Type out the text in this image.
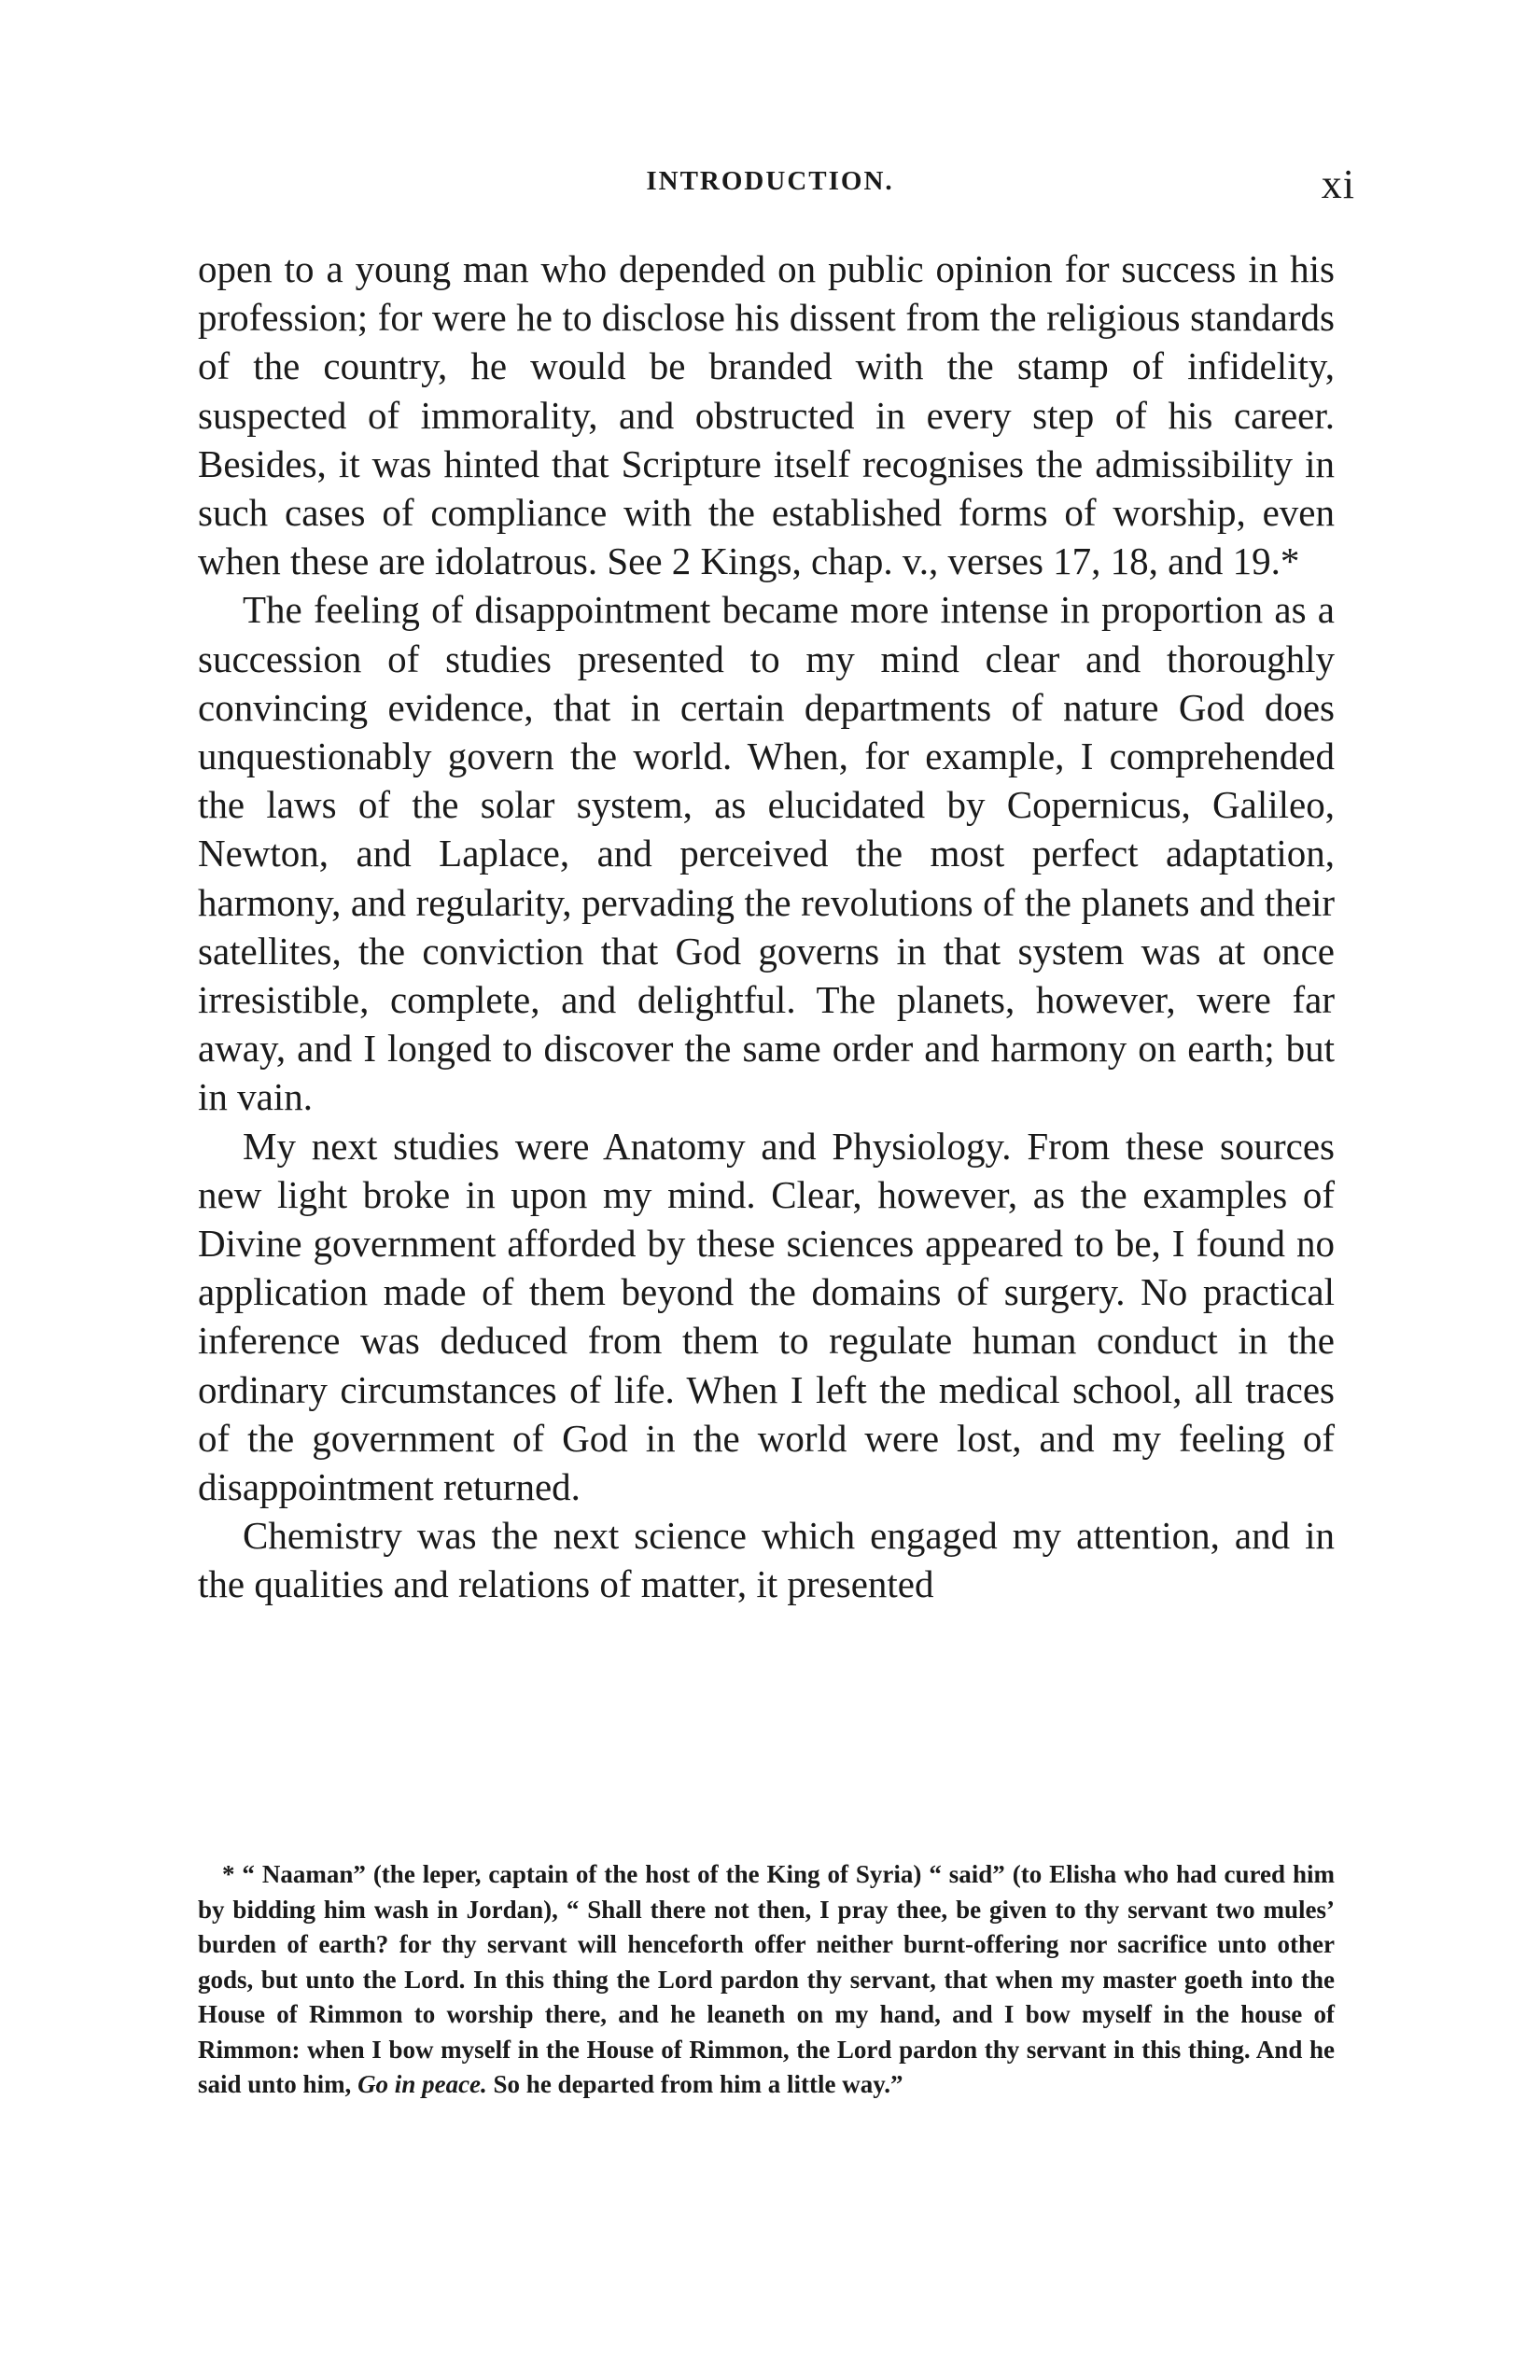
INTRODUCTION.	xi

open to a young man who depended on public opinion for success in his profession; for were he to disclose his dissent from the religious standards of the country, he would be branded with the stamp of infidelity, suspected of immorality, and obstructed in every step of his career. Besides, it was hinted that Scripture itself recognises the admissibility in such cases of compliance with the established forms of worship, even when these are idolatrous. See 2 Kings, chap. v., verses 17, 18, and 19.*

The feeling of disappointment became more intense in proportion as a succession of studies presented to my mind clear and thoroughly convincing evidence, that in certain departments of nature God does unquestionably govern the world. When, for example, I comprehended the laws of the solar system, as elucidated by Copernicus, Galileo, Newton, and Laplace, and perceived the most perfect adaptation, harmony, and regularity, pervading the revolutions of the planets and their satellites, the conviction that God governs in that system was at once irresistible, complete, and delightful. The planets, however, were far away, and I longed to discover the same order and harmony on earth; but in vain.

My next studies were Anatomy and Physiology. From these sources new light broke in upon my mind. Clear, however, as the examples of Divine government afforded by these sciences appeared to be, I found no application made of them beyond the domains of surgery. No practical inference was deduced from them to regulate human conduct in the ordinary circumstances of life. When I left the medical school, all traces of the government of God in the world were lost, and my feeling of disappointment returned.

Chemistry was the next science which engaged my attention, and in the qualities and relations of matter, it presented

* “ Naaman” (the leper, captain of the host of the King of Syria) “ said” (to Elisha who had cured him by bidding him wash in Jordan), “ Shall there not then, I pray thee, be given to thy servant two mules’ burden of earth? for thy servant will henceforth offer neither burnt-offering nor sacrifice unto other gods, but unto the Lord. In this thing the Lord pardon thy servant, that when my master goeth into the House of Rimmon to worship there, and he leaneth on my hand, and I bow myself in the house of Rimmon: when I bow myself in the House of Rimmon, the Lord pardon thy servant in this thing. And he said unto him, Go in peace. So he departed from him a little way.”
